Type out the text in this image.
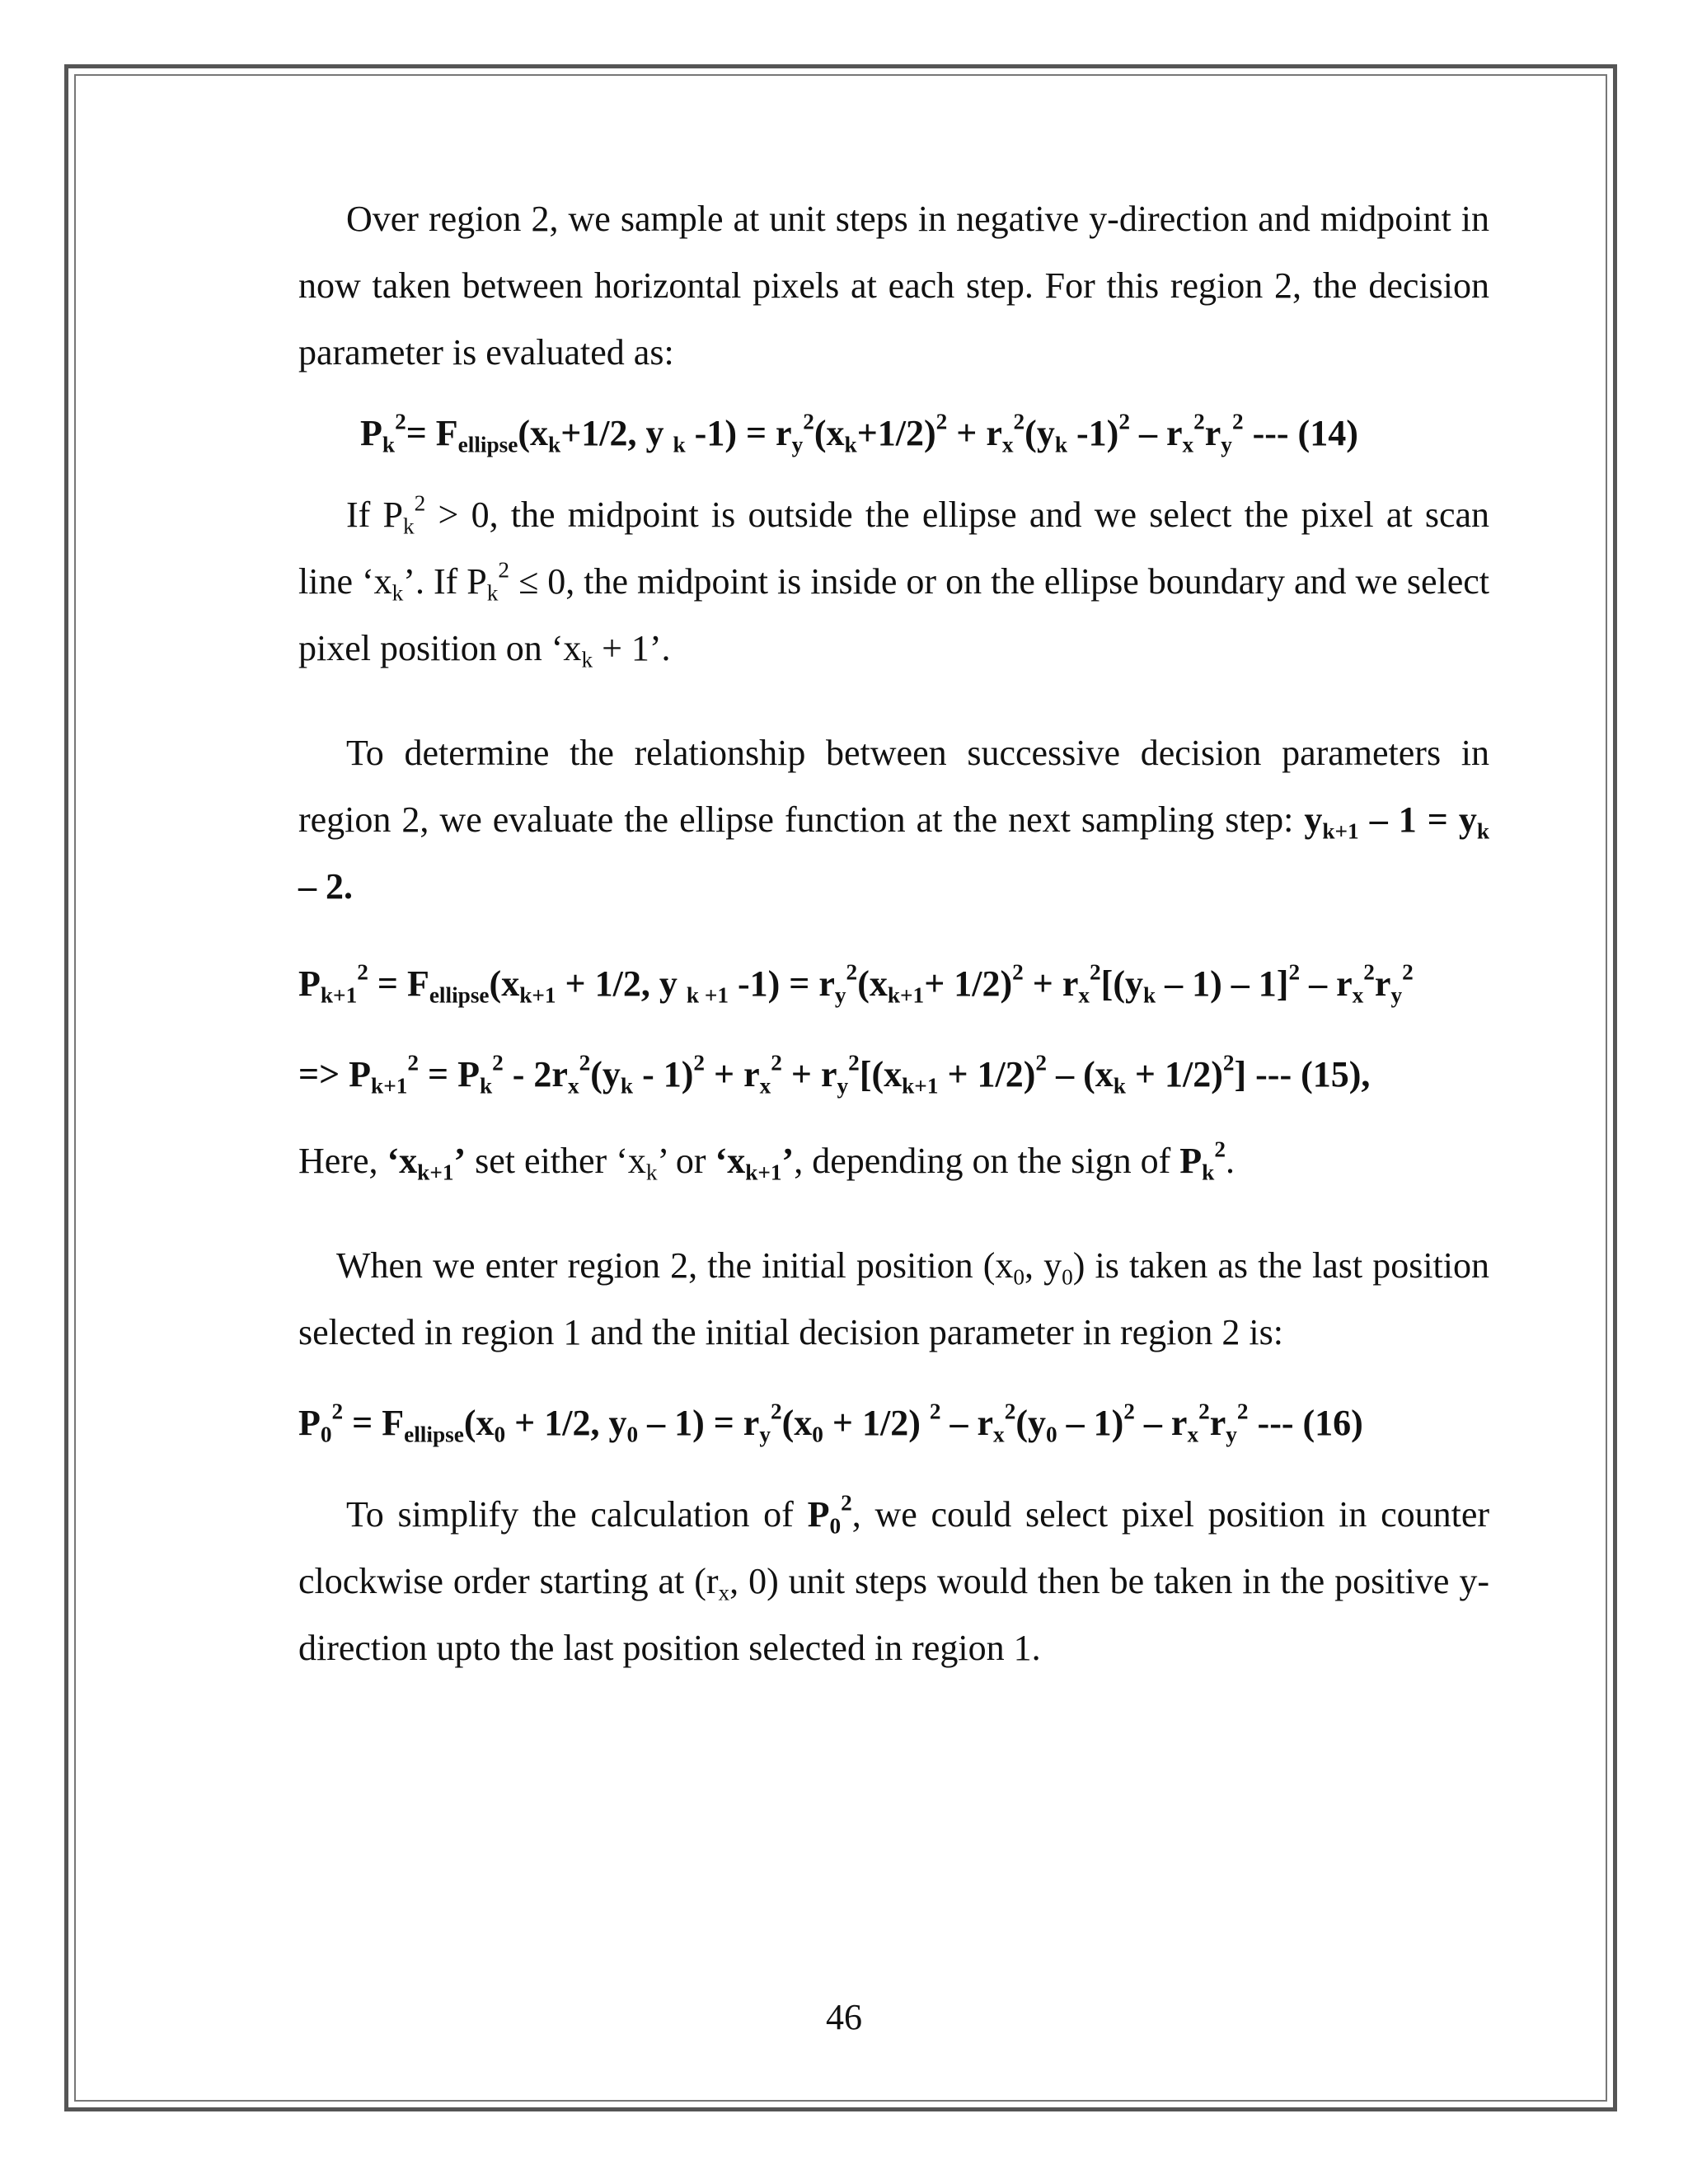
Over region 2, we sample at unit steps in negative y-direction and midpoint in now taken between horizontal pixels at each step. For this region 2, the decision parameter is evaluated as:

$P_k^2= F_{ellipse}(x_k+1/2$, y $_k$ $-1) = r_y^2(x_k+1/2)^2 + r_x^2(y_k$ $-1)^2 - r_x^2r_y^2$ --- (14)

If $P_k^2 > 0$, the midpoint is outside the ellipse and we select the pixel at scan line ‘$x_k$’. If $P_k^2 \le 0$, the midpoint is inside or on the ellipse boundary and we select pixel position on ‘$x_k + 1$’.

To determine the relationship between successive decision parameters in region 2, we evaluate the ellipse function at the next sampling step: $y_{k+1} - 1 = y_k - 2$.

$P_{k+1}^2 = F_{ellipse}(x_{k+1} + 1/2$, y $_{k +1}$ $-1) = r_y^2(x_{k+1}+ 1/2)^2 + r_x^2[(y_k - 1) - 1]^2 - r_x^2r_y^2$
=> $P_{k+1}^2 = P_k^2 - 2r_x^2(y_k - 1)^2 + r_x^2 + r_y^2[(x_{k+1} + 1/2)^2 - (x_k + 1/2)^2]$ --- (15),

Here, ‘$x_{k+1}$’ set either ‘$x_k$’ or ‘$x_{k+1}$’, depending on the sign of $P_k^2$.

When we enter region 2, the initial position ($x_0$, $y_0$) is taken as the last position selected in region 1 and the initial decision parameter in region 2 is:

$P_0^2 = F_{ellipse}(x_0 + 1/2$, $y_0 - 1) = r_y^2(x_0 + 1/2)$ $^2 - r_x^2(y_0 - 1)^2 - r_x^2r_y^2$ --- (16)

To simplify the calculation of $P_0^2$, we could select pixel position in counter clockwise order starting at ($r_x$, 0) unit steps would then be taken in the positive y-direction upto the last position selected in region 1.

46
